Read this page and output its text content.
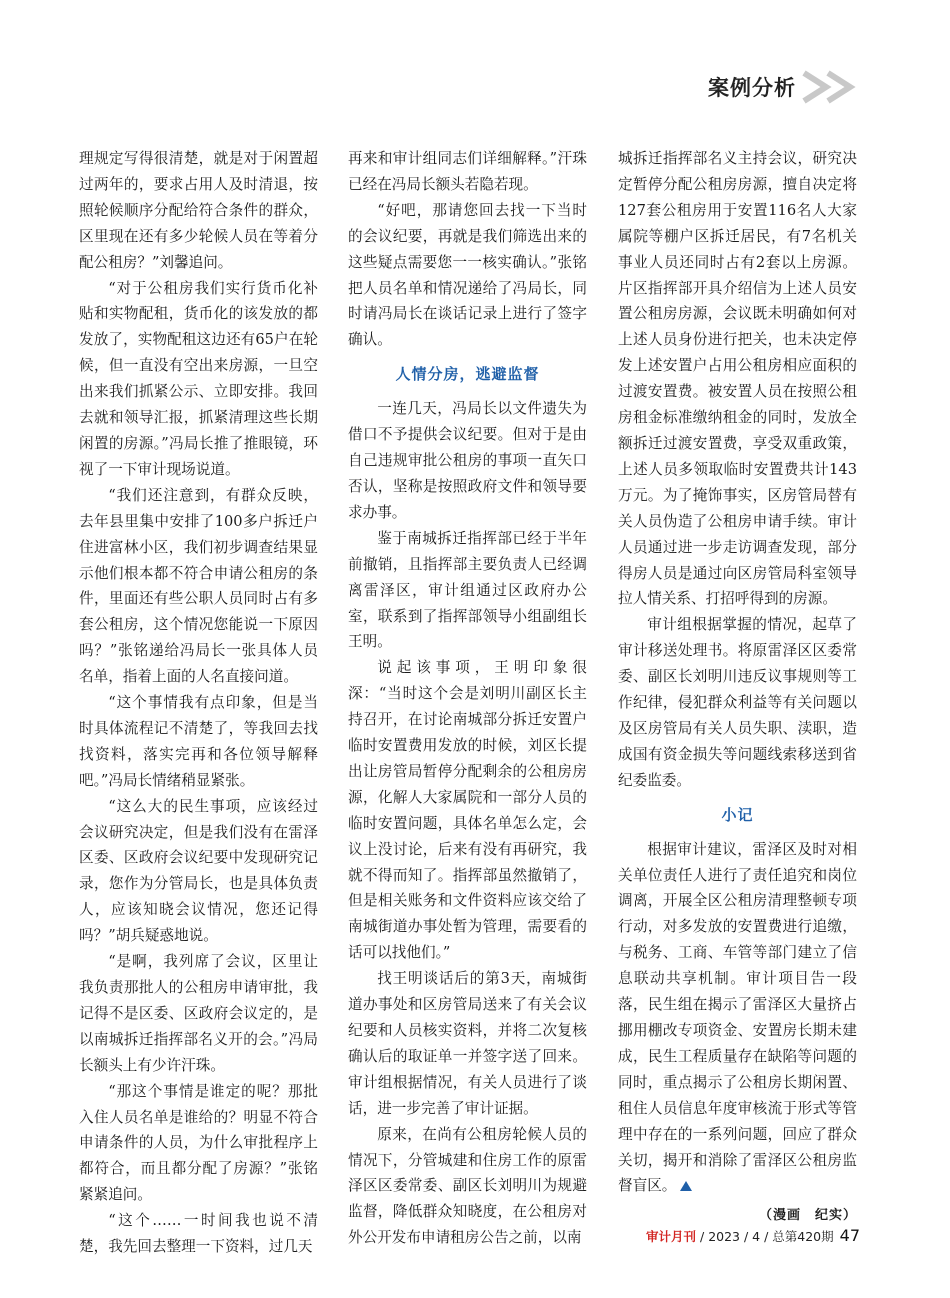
案例分析

理规定写得很清楚，就是对于闲置超过两年的，要求占用人及时清退，按照轮候顺序分配给符合条件的群众，区里现在还有多少轮候人员在等着分配公租房？”刘馨追问。

“对于公租房我们实行货币化补贴和实物配租，货币化的该发放的都发放了，实物配租这边还有65户在轮候，但一直没有空出来房源，一旦空出来我们抓紧公示、立即安排。我回去就和领导汇报，抓紧清理这些长期闲置的房源。”冯局长推了推眼镜，环视了一下审计现场说道。

“我们还注意到，有群众反映，去年县里集中安排了100多户拆迁户住进富林小区，我们初步调查结果显示他们根本都不符合申请公租房的条件，里面还有些公职人员同时占有多套公租房，这个情况您能说一下原因吗？”张铭递给冯局长一张具体人员名单，指着上面的人名直接问道。

“这个事情我有点印象，但是当时具体流程记不清楚了，等我回去找找资料，落实完再和各位领导解释吧。”冯局长情绪稍显紧张。

“这么大的民生事项，应该经过会议研究决定，但是我们没有在雷泽区委、区政府会议纪要中发现研究记录，您作为分管局长，也是具体负责人，应该知晓会议情况，您还记得吗？”胡兵疑惑地说。

“是啊，我列席了会议，区里让我负责那批人的公租房申请审批，我记得不是区委、区政府会议定的，是以南城拆迁指挥部名义开的会。”冯局长额头上有少许汗珠。

“那这个事情是谁定的呢？那批入住人员名单是谁给的？明显不符合申请条件的人员，为什么审批程序上都符合，而且都分配了房源？”张铭紧紧追问。

“这个……一时间我也说不清楚，我先回去整理一下资料，过几天

再来和审计组同志们详细解释。”汗珠已经在冯局长额头若隐若现。

“好吧，那请您回去找一下当时的会议纪要，再就是我们筛选出来的这些疑点需要您一一核实确认。”张铭把人员名单和情况递给了冯局长，同时请冯局长在谈话记录上进行了签字确认。

人情分房，逃避监督

一连几天，冯局长以文件遗失为借口不予提供会议纪要。但对于是由自己违规审批公租房的事项一直矢口否认，坚称是按照政府文件和领导要求办事。

鉴于南城拆迁指挥部已经于半年前撤销，且指挥部主要负责人已经调离雷泽区，审计组通过区政府办公室，联系到了指挥部领导小组副组长王明。

说起该事项，王明印象很深：“当时这个会是刘明川副区长主持召开，在讨论南城部分拆迁安置户临时安置费用发放的时候，刘区长提出让房管局暂停分配剩余的公租房房源，化解人大家属院和一部分人员的临时安置问题，具体名单怎么定，会议上没讨论，后来有没有再研究，我就不得而知了。指挥部虽然撤销了，但是相关账务和文件资料应该交给了南城街道办事处暂为管理，需要看的话可以找他们。”

找王明谈话后的第3天，南城街道办事处和区房管局送来了有关会议纪要和人员核实资料，并将二次复核确认后的取证单一并签字送了回来。审计组根据情况，有关人员进行了谈话，进一步完善了审计证据。

原来，在尚有公租房轮候人员的情况下，分管城建和住房工作的原雷泽区区委常委、副区长刘明川为规避监督，降低群众知晓度，在公租房对外公开发布申请租房公告之前，以南

城拆迁指挥部名义主持会议，研究决定暂停分配公租房房源，擅自决定将127套公租房用于安置116名人大家属院等棚户区拆迁居民，有7名机关事业人员还同时占有2套以上房源。片区指挥部开具介绍信为上述人员安置公租房房源，会议既未明确如何对上述人员身份进行把关，也未决定停发上述安置户占用公租房相应面积的过渡安置费。被安置人员在按照公租房租金标准缴纳租金的同时，发放全额拆迁过渡安置费，享受双重政策，上述人员多领取临时安置费共计143万元。为了掩饰事实，区房管局替有关人员伪造了公租房申请手续。审计人员通过进一步走访调查发现，部分得房人员是通过向区房管局科室领导拉人情关系、打招呼得到的房源。

审计组根据掌握的情况，起草了审计移送处理书。将原雷泽区区委常委、副区长刘明川违反议事规则等工作纪律，侵犯群众利益等有关问题以及区房管局有关人员失职、渎职，造成国有资金损失等问题线索移送到省纪委监委。

小记

根据审计建议，雷泽区及时对相关单位责任人进行了责任追究和岗位调离，开展全区公租房清理整顿专项行动，对多发放的安置费进行追缴，与税务、工商、车管等部门建立了信息联动共享机制。审计项目告一段落，民生组在揭示了雷泽区大量挤占挪用棚改专项资金、安置房长期未建成，民生工程质量存在缺陷等问题的同时，重点揭示了公租房长期闲置、租住人员信息年度审核流于形式等管理中存在的一系列问题，回应了群众关切，揭开和消除了雷泽区公租房监督盲区。

（漫画　纪实）
审计月刊 / 2023 / 4 / 总第420期 47
